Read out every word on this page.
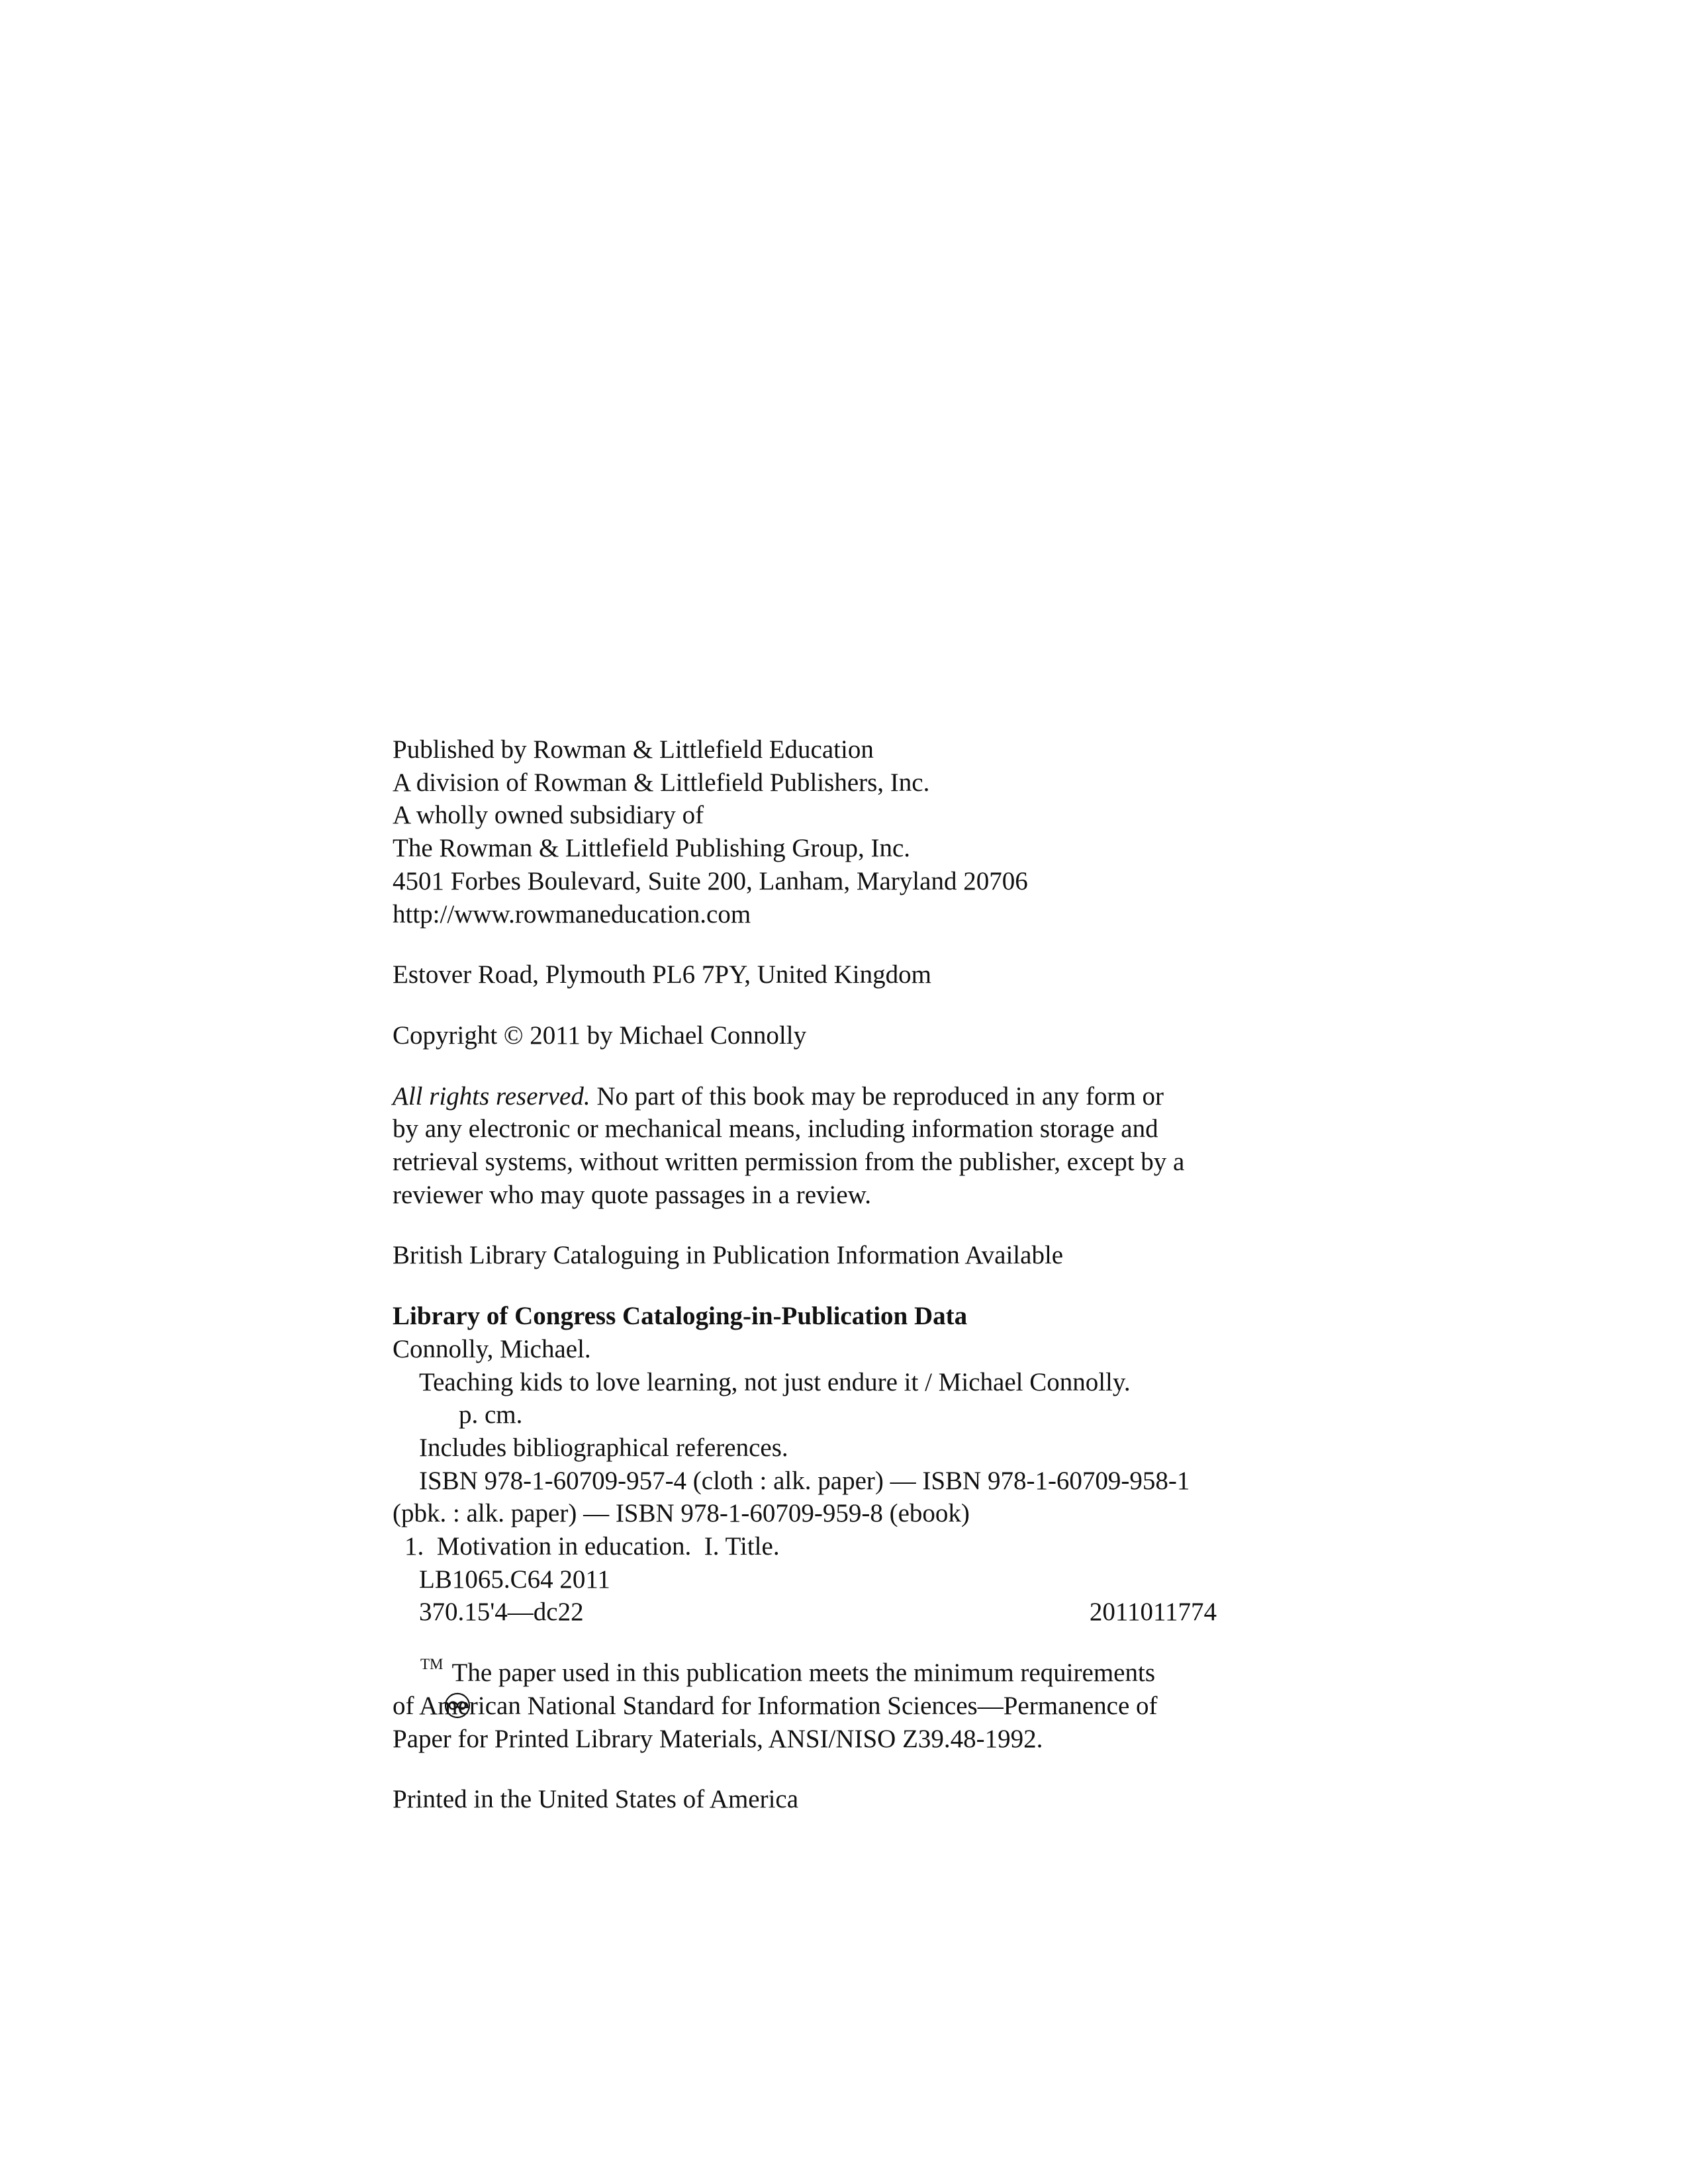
Published by Rowman & Littlefield Education
A division of Rowman & Littlefield Publishers, Inc.
A wholly owned subsidiary of
The Rowman & Littlefield Publishing Group, Inc.
4501 Forbes Boulevard, Suite 200, Lanham, Maryland 20706
http://www.rowmaneducation.com
Estover Road, Plymouth PL6 7PY, United Kingdom
Copyright © 2011 by Michael Connolly
All rights reserved. No part of this book may be reproduced in any form or
by any electronic or mechanical means, including information storage and
retrieval systems, without written permission from the publisher, except by a
reviewer who may quote passages in a review.
British Library Cataloguing in Publication Information Available
Library of Congress Cataloging-in-Publication Data
Connolly, Michael.
Teaching kids to love learning, not just endure it / Michael Connolly.
p. cm.
Includes bibliographical references.
ISBN 978-1-60709-957-4 (cloth : alk. paper) — ISBN 978-1-60709-958-1
(pbk. : alk. paper) — ISBN 978-1-60709-959-8 (ebook)
1.  Motivation in education.  I. Title.
LB1065.C64 2011
370.15'4—dc22	2011011774

TM The paper used in this publication meets the minimum requirements
of American National Standard for Information Sciences—Permanence of
Paper for Printed Library Materials, ANSI/NISO Z39.48-1992.
Printed in the United States of America
